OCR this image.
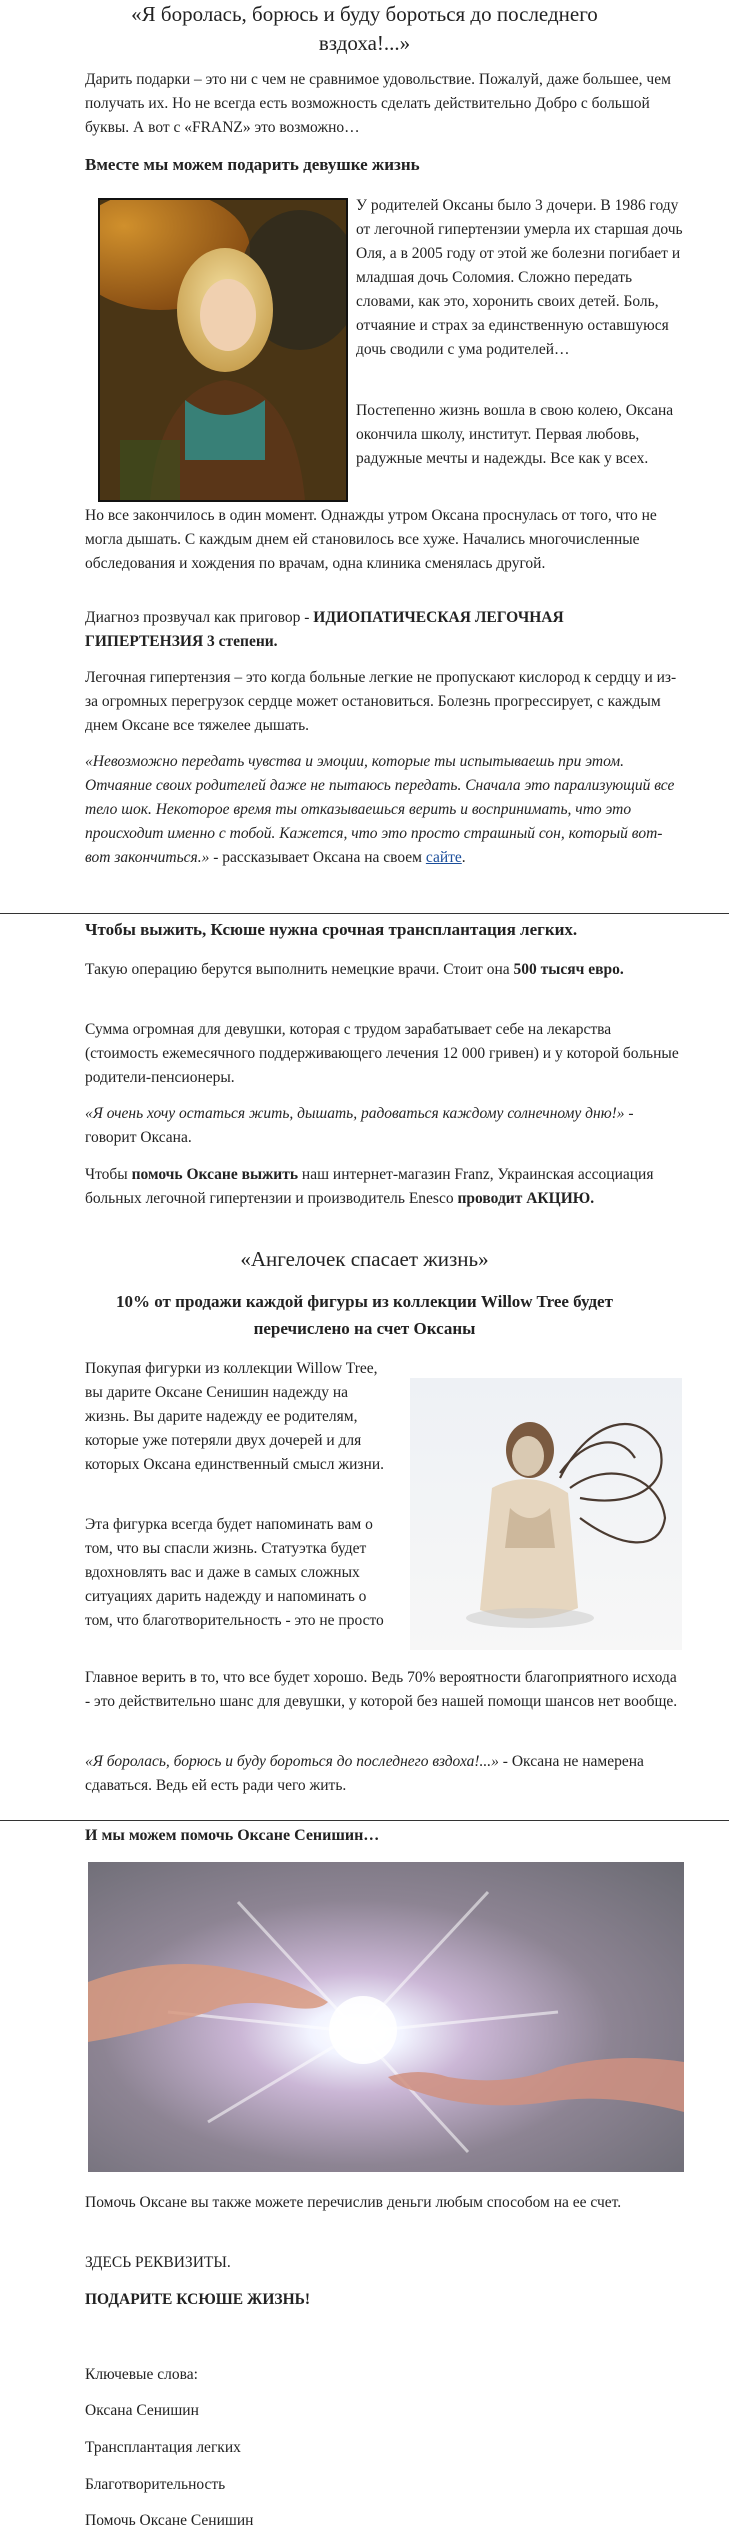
«Я боролась, борюсь и буду бороться до последнего вздоха!...»

Дарить подарки – это ни с чем не сравнимое удовольствие. Пожалуй, даже большее, чем получать их. Но не всегда есть возможность сделать действительно Добро с большой буквы. А вот с «FRANZ» это возможно…

Вместе мы можем подарить девушке жизнь

У родителей Оксаны было 3 дочери. В 1986 году от легочной гипертензии умерла их старшая дочь Оля, а в 2005 году от этой же болезни погибает и младшая дочь Соломия. Сложно передать словами, как это, хоронить своих детей. Боль, отчаяние и страх за единственную оставшуюся дочь сводили с ума родителей…

Постепенно жизнь вошла в свою колею, Оксана окончила школу, институт. Первая любовь, радужные мечты и надежды. Все как у всех.

Но все закончилось в один момент. Однажды утром Оксана проснулась от того, что не могла дышать. С каждым днем ей становилось все хуже. Начались многочисленные обследования и хождения по врачам, одна клиника сменялась другой.

Диагноз прозвучал как приговор - ИДИОПАТИЧЕСКАЯ ЛЕГОЧНАЯ ГИПЕРТЕНЗИЯ 3 степени.

Легочная гипертензия – это когда больные легкие не пропускают кислород к сердцу и из-за огромных перегрузок сердце может остановиться. Болезнь прогрессирует, с каждым днем Оксане все тяжелее дышать.

«Невозможно передать чувства и эмоции, которые ты испытываешь при этом. Отчаяние своих родителей даже не пытаюсь передать. Сначала это парализующий все тело шок. Некоторое время ты отказываешься верить и воспринимать, что это происходит именно с тобой. Кажется, что это просто страшный сон, который вот-вот закончиться.» - рассказывает Оксана на своем сайте.

Чтобы выжить, Ксюше нужна срочная трансплантация легких.

Такую операцию берутся выполнить немецкие врачи. Стоит она 500 тысяч евро.

Сумма огромная для девушки, которая с трудом зарабатывает себе на лекарства (стоимость ежемесячного поддерживающего лечения 12 000 гривен) и у которой больные родители-пенсионеры.

«Я очень хочу остаться жить, дышать, радоваться каждому солнечному дню!» - говорит Оксана.

Чтобы помочь Оксане выжить наш интернет-магазин Franz, Украинская ассоциация больных легочной гипертензии и производитель Enesco проводит АКЦИЮ.

«Ангелочек спасает жизнь»
10% от продажи каждой фигуры из коллекции Willow Tree будет перечислено на счет Оксаны

Покупая фигурки из коллекции Willow Tree, вы дарите Оксане Сенишин надежду на жизнь. Вы дарите надежду ее родителям, которые уже потеряли двух дочерей и для которых Оксана единственный смысл жизни.

Эта фигурка всегда будет напоминать вам о том, что вы спасли жизнь. Статуэтка будет вдохновлять вас и даже в самых сложных ситуациях дарить надежду и напоминать о том, что благотворительность - это не просто

Главное верить в то, что все будет хорошо. Ведь 70% вероятности благоприятного исхода - это действительно шанс для девушки, у которой без нашей помощи шансов нет вообще.

«Я боролась, борюсь и буду бороться до последнего вздоха!...» - Оксана не намерена сдаваться. Ведь ей есть ради чего жить.

И мы можем помочь Оксане Сенишин…

Помочь Оксане вы также можете перечислив деньги любым способом на ее счет.

ЗДЕСЬ РЕКВИЗИТЫ.

ПОДАРИТЕ КСЮШЕ ЖИЗНЬ!

Ключевые слова:

Оксана Сенишин

Трансплантация легких

Благотворительность

Помочь Оксане Сенишин
